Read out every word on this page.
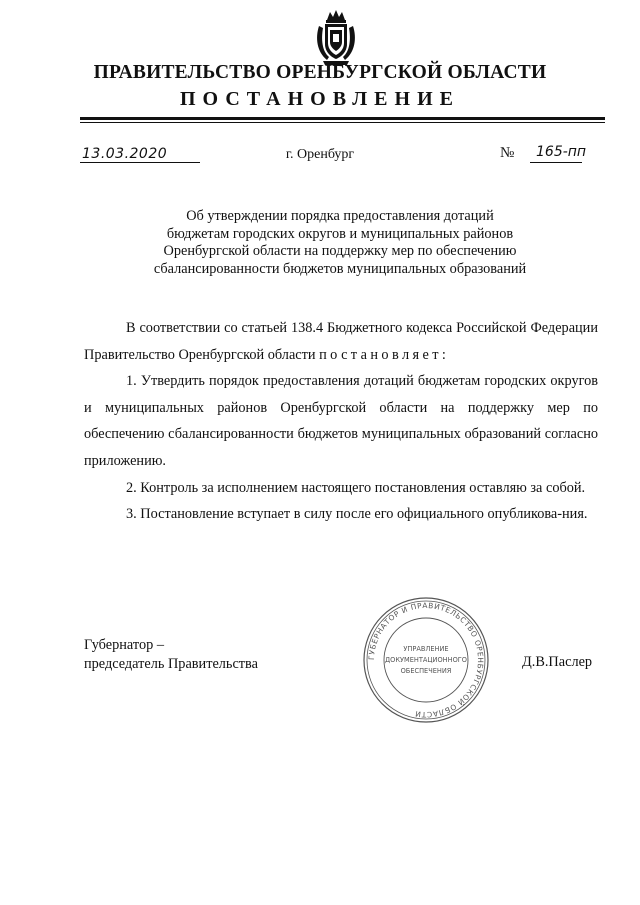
ПРАВИТЕЛЬСТВО ОРЕНБУРГСКОЙ ОБЛАСТИ
ПОСТАНОВЛЕНИЕ
13.03.2020	г. Оренбург	№ 165-пп
Об утверждении порядка предоставления дотаций
бюджетам городских округов и муниципальных районов
Оренбургской области на поддержку мер по обеспечению
сбалансированности бюджетов муниципальных образований

В соответствии со статьей 138.4 Бюджетного кодекса Российской Федерации Правительство Оренбургской области постановляет:

1. Утвердить порядок предоставления дотаций бюджетам городских округов и муниципальных районов Оренбургской области на поддержку мер по обеспечению сбалансированности бюджетов муниципальных образований согласно приложению.

2. Контроль за исполнением настоящего постановления оставляю за собой.

3. Постановление вступает в силу после его официального опубликова-ния.

Губернатор –
председатель Правительства	ГУБЕРНАТОР И ПРАВИТЕЛЬСТВО ОРЕНБУРГСКОЙ ОБЛАСТИ
УПРАВЛЕНИЕ
ДОКУМЕНТАЦИОННОГО
ОБЕСПЕЧЕНИЯ
Д.В.Паслер
